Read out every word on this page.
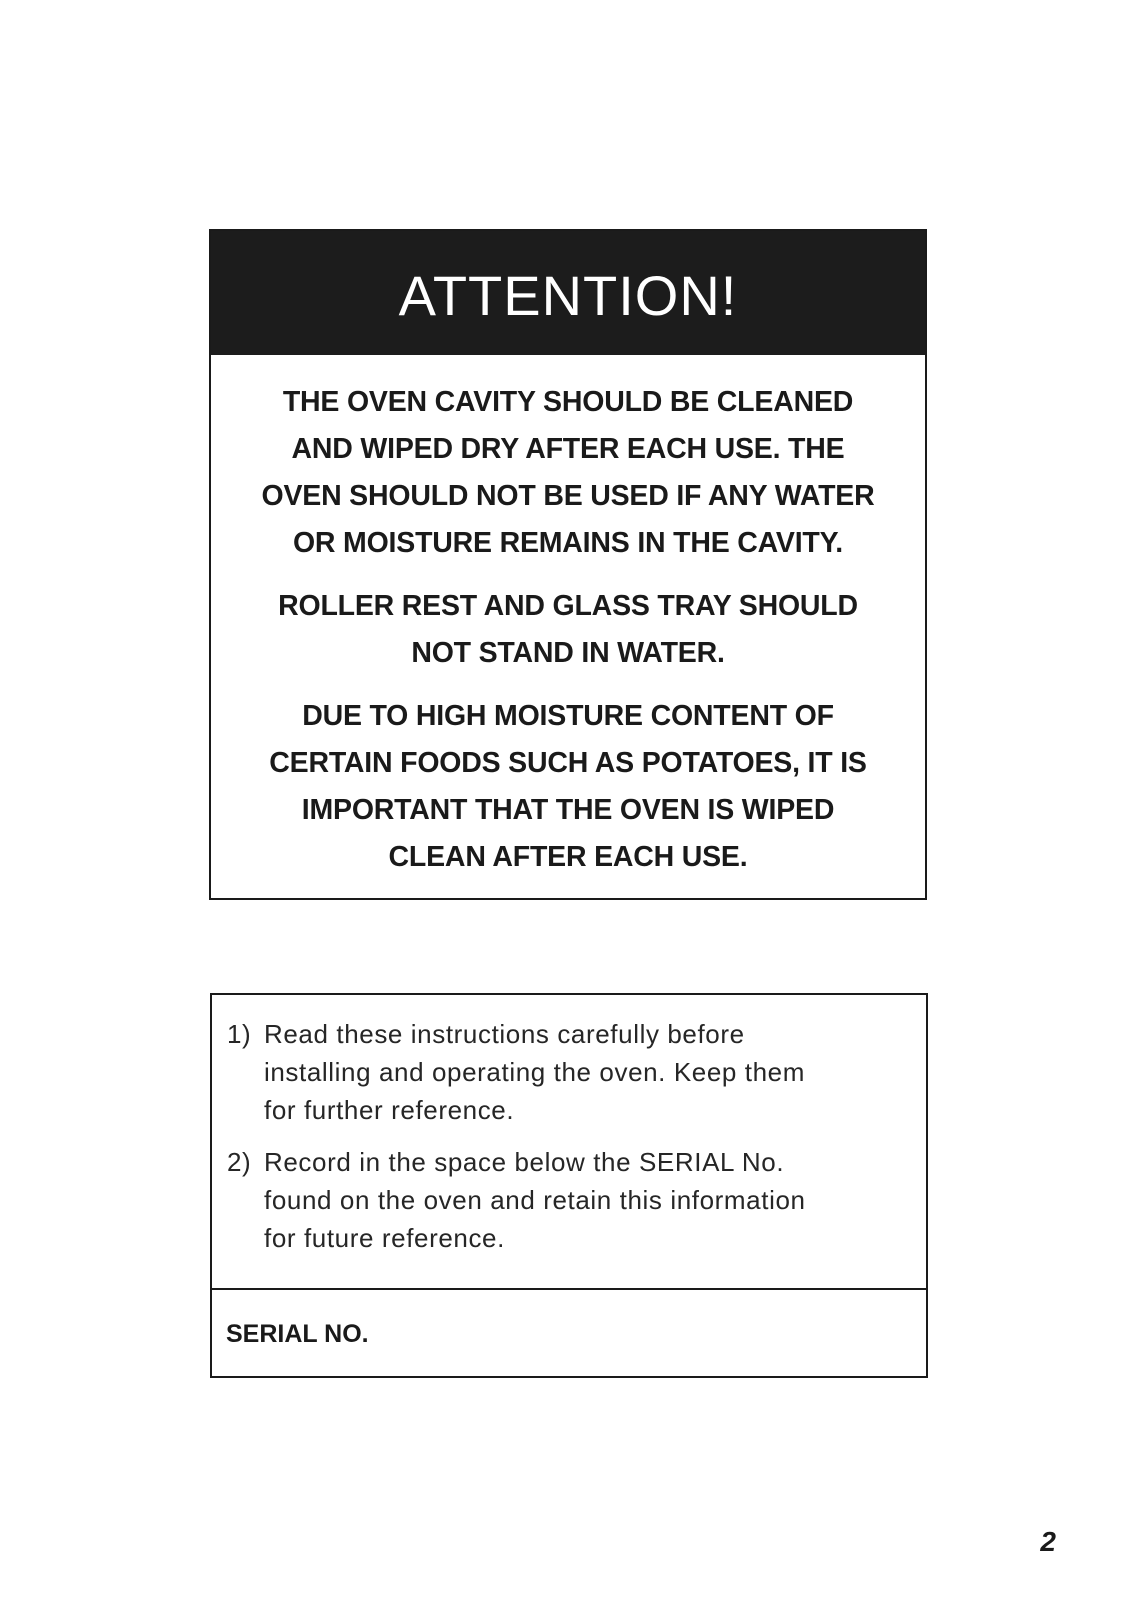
ATTENTION!

THE OVEN CAVITY SHOULD BE CLEANED
AND WIPED DRY AFTER EACH USE. THE
OVEN SHOULD NOT BE USED IF ANY WATER
OR MOISTURE REMAINS IN THE CAVITY.

ROLLER REST AND GLASS TRAY SHOULD
NOT STAND IN WATER.

DUE TO HIGH MOISTURE CONTENT OF
CERTAIN FOODS SUCH AS POTATOES, IT IS
IMPORTANT THAT THE OVEN IS WIPED
CLEAN AFTER EACH USE.

1) Read these instructions carefully before
installing and operating the oven. Keep them
for further reference.
2) Record in the space below the SERIAL No.
found on the oven and retain this information
for future reference.

SERIAL NO.

2
